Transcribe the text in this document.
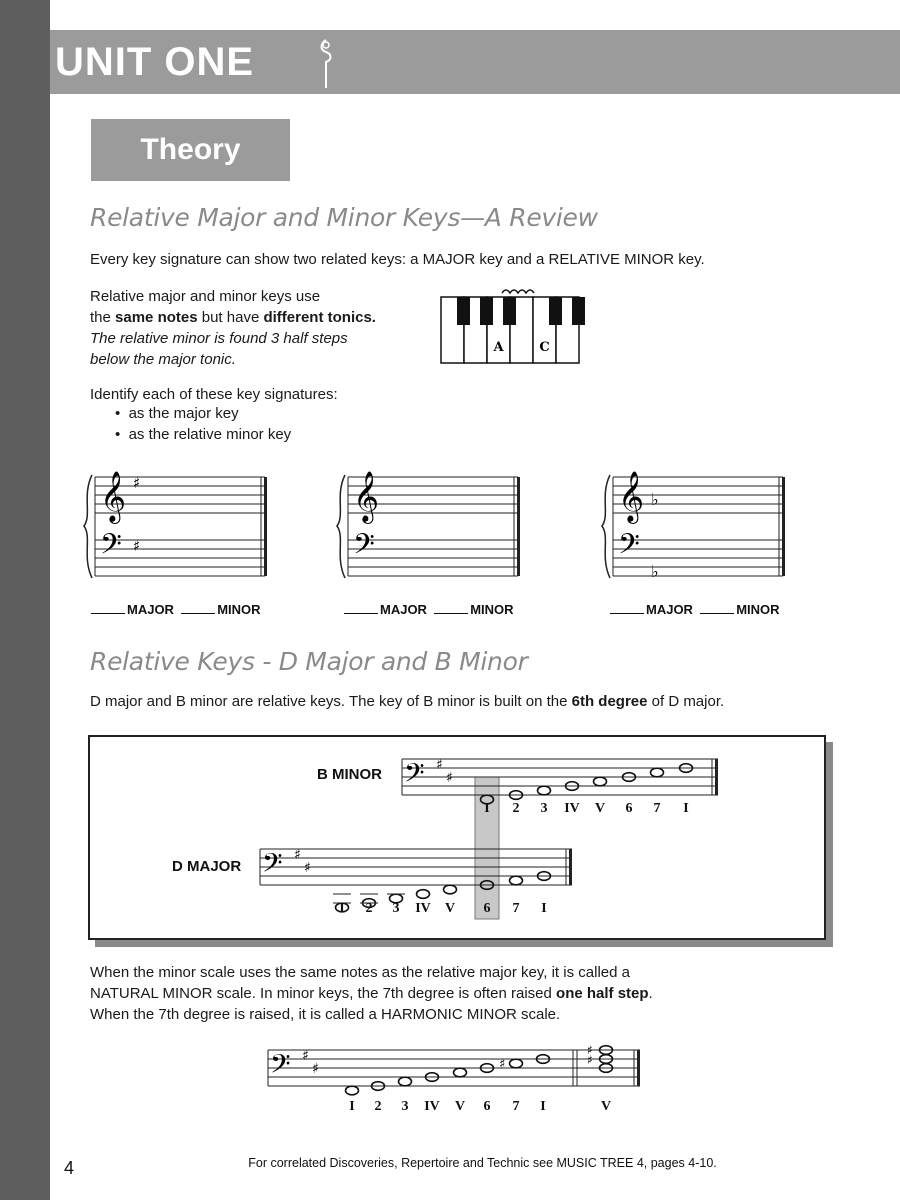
UNIT ONE
Theory
Relative Major and Minor Keys—A Review
Every key signature can show two related keys: a MAJOR key and a RELATIVE MINOR key.
Relative major and minor keys use
the same notes but have different tonics.
The relative minor is found 3 half steps
below the major tonic.
A	C
Identify each of these key signatures:
•  as the major key
•  as the relative minor key
♯
♯
♭
♭
MAJOR	MINOR	MAJOR	MINOR	MAJOR	MINOR
Relative Keys - D Major and B Minor
D major and B minor are relative keys. The key of B minor is built on the 6th degree of D major.
𝄢 ♯
♯
𝄢 ♯
♯
B MINOR
D MAJOR
I	2	3	IV	V	6	7	I
I	2	3	IV	V	6	7	I
When the minor scale uses the same notes as the relative major key, it is called a
NATURAL MINOR scale. In minor keys, the 7th degree is often raised one half step.
When the 7th degree is raised, it is called a HARMONIC MINOR scale.
𝄢 ♯
♯	♯	♯
♯
I	2	3	IV	V	6	7	I	V
4	For correlated Discoveries, Repertoire and Technic see MUSIC TREE 4, pages 4-10.
